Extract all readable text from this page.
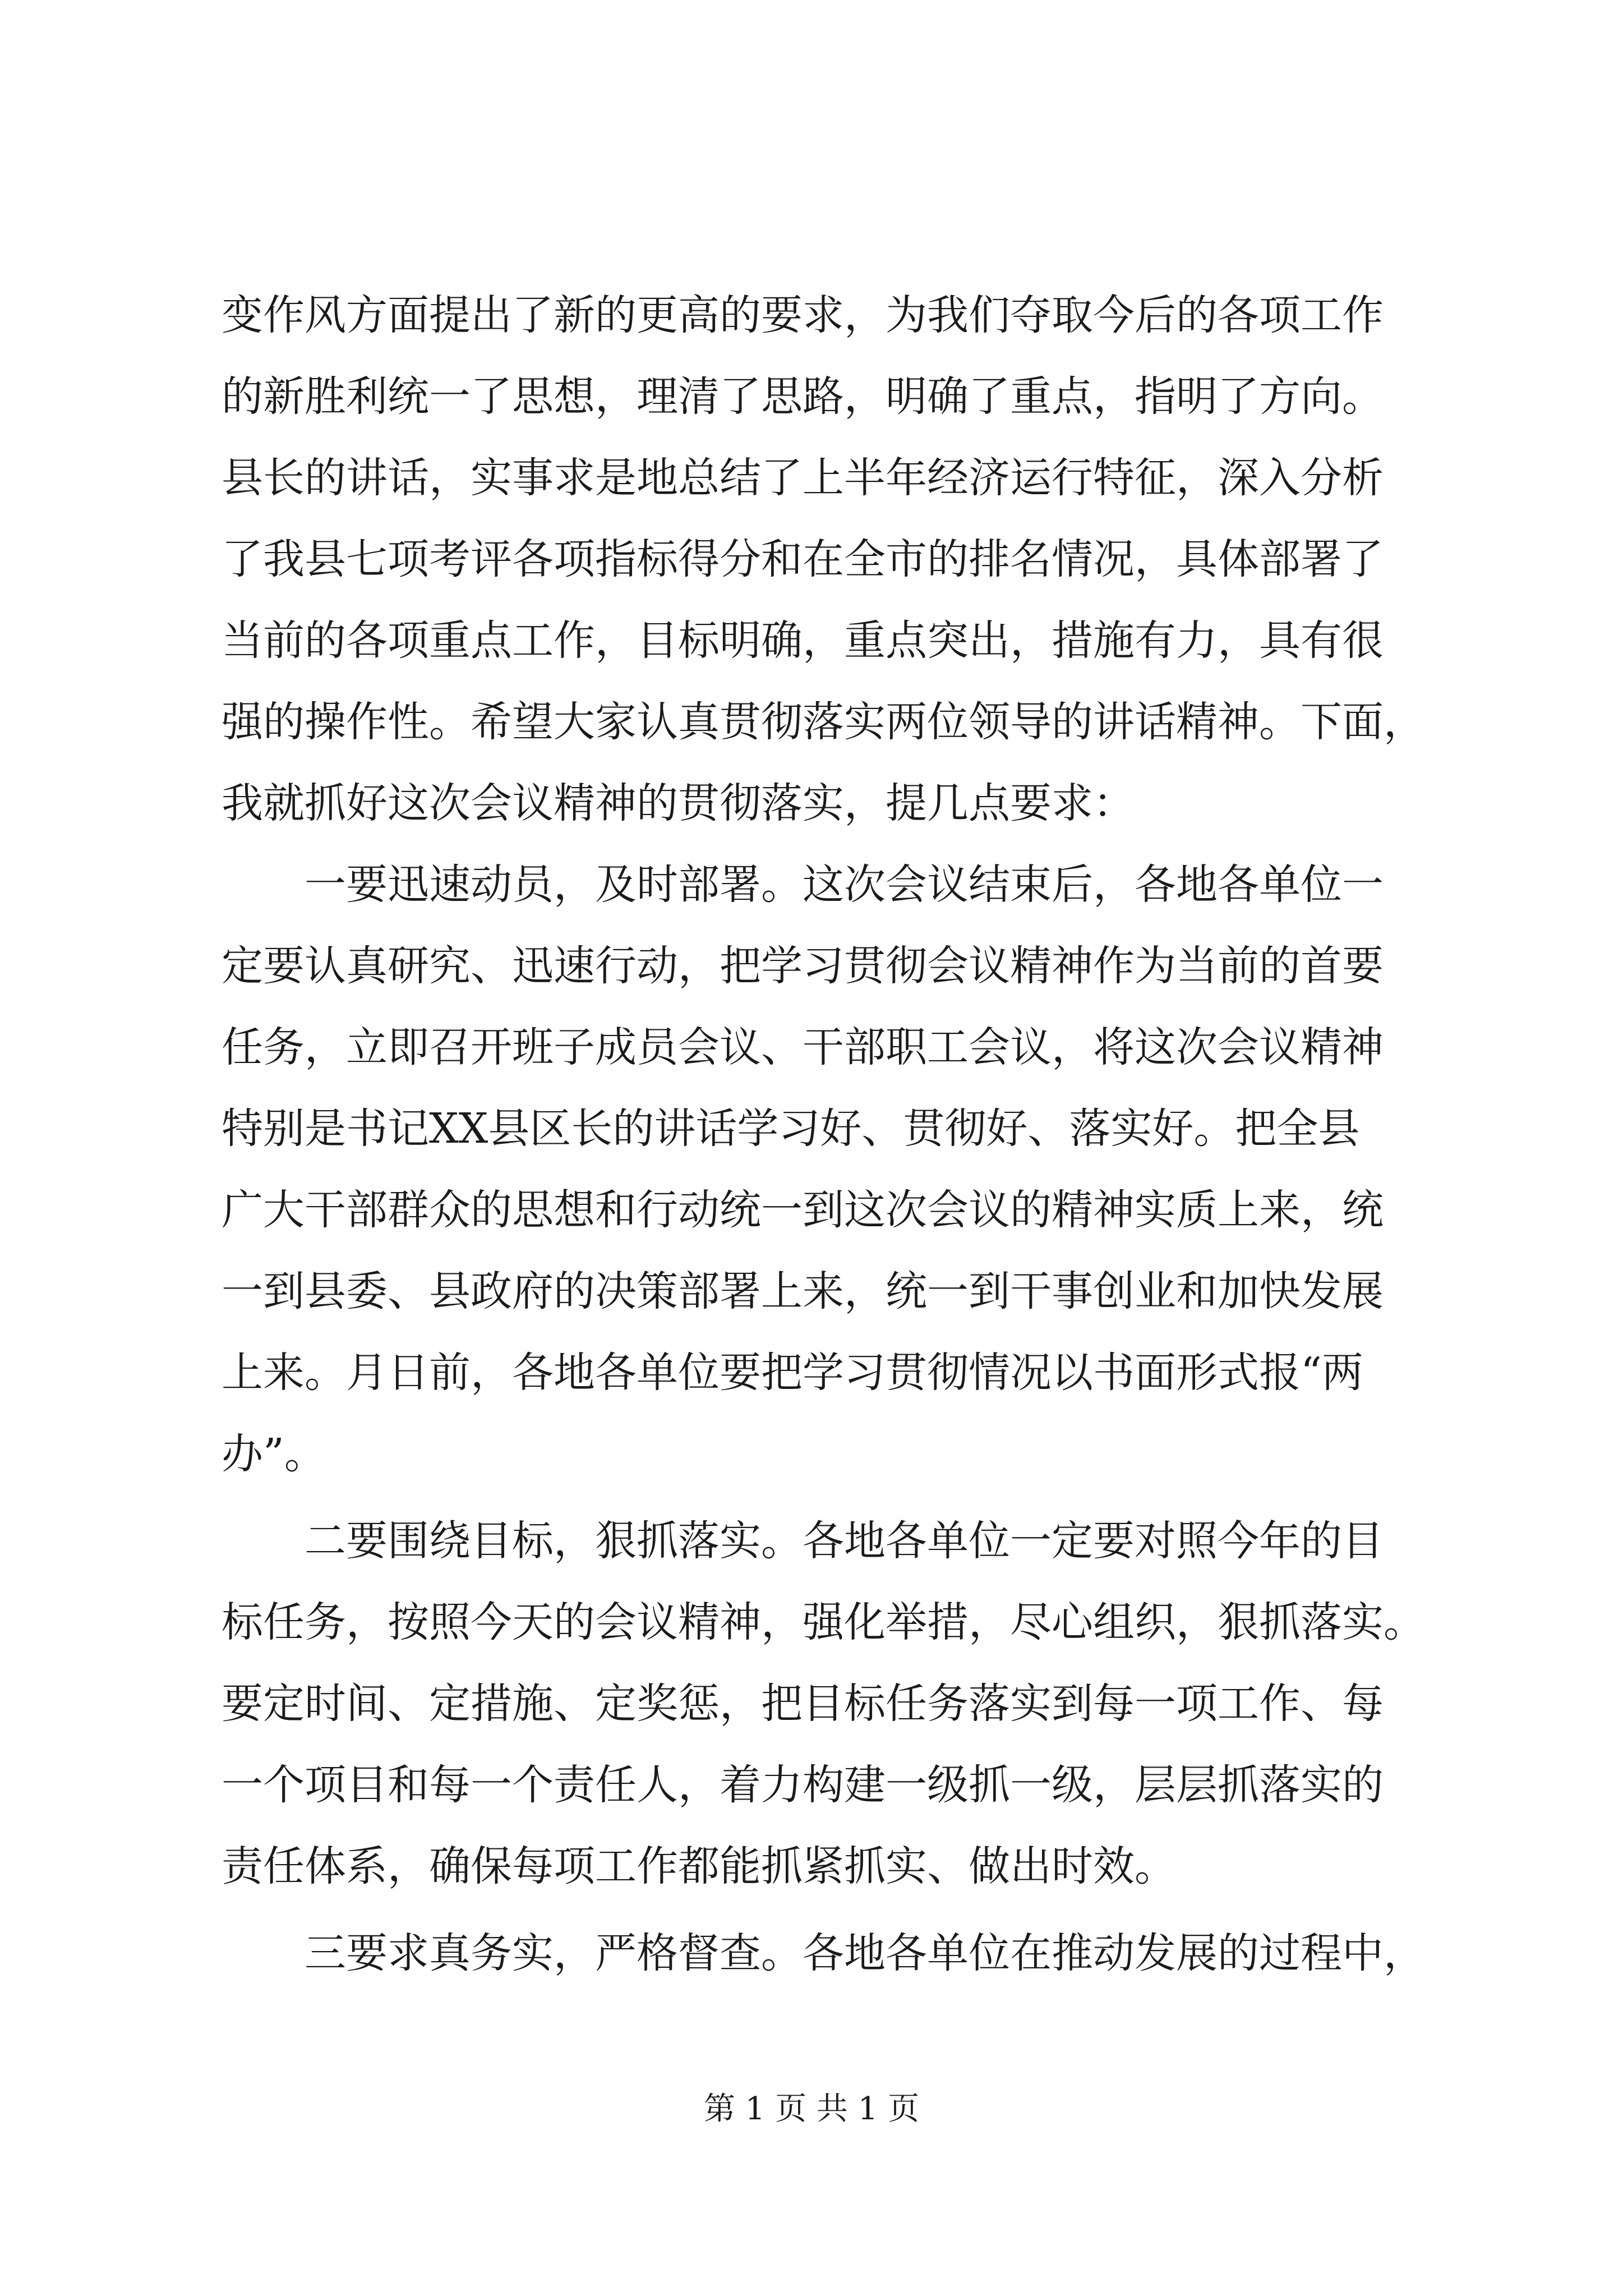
变作风方面提出了新的更高的要求，为我们夺取今后的各项工作
的新胜利统一了思想，理清了思路，明确了重点，指明了方向。
县长的讲话，实事求是地总结了上半年经济运行特征，深入分析
了我县七项考评各项指标得分和在全市的排名情况，具体部署了
当前的各项重点工作，目标明确，重点突出，措施有力，具有很
强的操作性。希望大家认真贯彻落实两位领导的讲话精神。下面，
我就抓好这次会议精神的贯彻落实，提几点要求：
一要迅速动员，及时部署。这次会议结束后，各地各单位一
定要认真研究、迅速行动，把学习贯彻会议精神作为当前的首要
任务，立即召开班子成员会议、干部职工会议，将这次会议精神
特别是书记XX县区长的讲话学习好、贯彻好、落实好。把全县
广大干部群众的思想和行动统一到这次会议的精神实质上来，统
一到县委、县政府的决策部署上来，统一到干事创业和加快发展
上来。月日前，各地各单位要把学习贯彻情况以书面形式报“两
办”。
二要围绕目标，狠抓落实。各地各单位一定要对照今年的目
标任务，按照今天的会议精神，强化举措，尽心组织，狠抓落实。
要定时间、定措施、定奖惩，把目标任务落实到每一项工作、每
一个项目和每一个责任人，着力构建一级抓一级，层层抓落实的
责任体系，确保每项工作都能抓紧抓实、做出时效。
三要求真务实，严格督查。各地各单位在推动发展的过程中，
第 1 页 共 1 页
